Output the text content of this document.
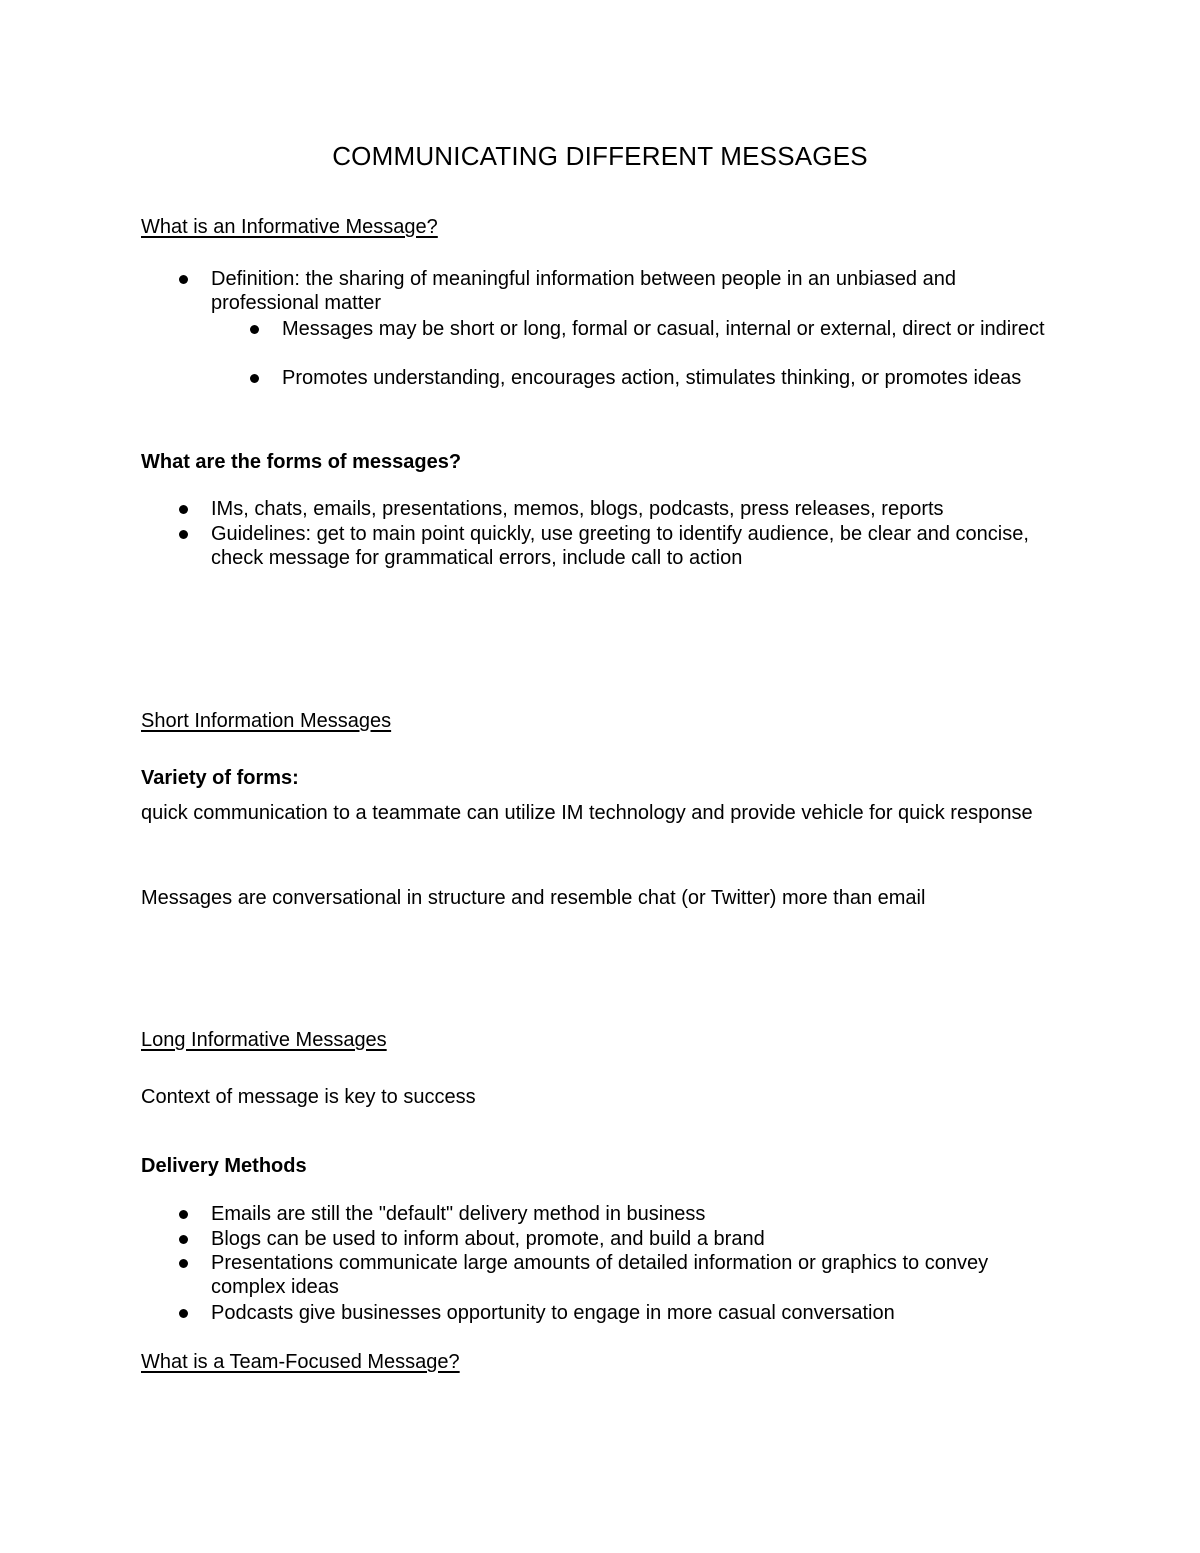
COMMUNICATING DIFFERENT MESSAGES
What is an Informative Message?
Definition: the sharing of meaningful information between people in an unbiased and professional matter
Messages may be short or long, formal or casual, internal or external, direct or indirect
Promotes understanding, encourages action, stimulates thinking, or promotes ideas
What are the forms of messages?
IMs, chats, emails, presentations, memos, blogs, podcasts, press releases, reports
Guidelines: get to main point quickly, use greeting to identify audience, be clear and concise, check message for grammatical errors, include call to action
Short Information Messages
Variety of forms:
quick communication to a teammate can utilize IM technology and provide vehicle for quick response
Messages are conversational in structure and resemble chat (or Twitter) more than email
Long Informative Messages
Context of message is key to success
Delivery Methods
Emails are still the "default" delivery method in business
Blogs can be used to inform about, promote, and build a brand
Presentations communicate large amounts of detailed information or graphics to convey complex ideas
Podcasts give businesses opportunity to engage in more casual conversation
What is a Team-Focused Message?
